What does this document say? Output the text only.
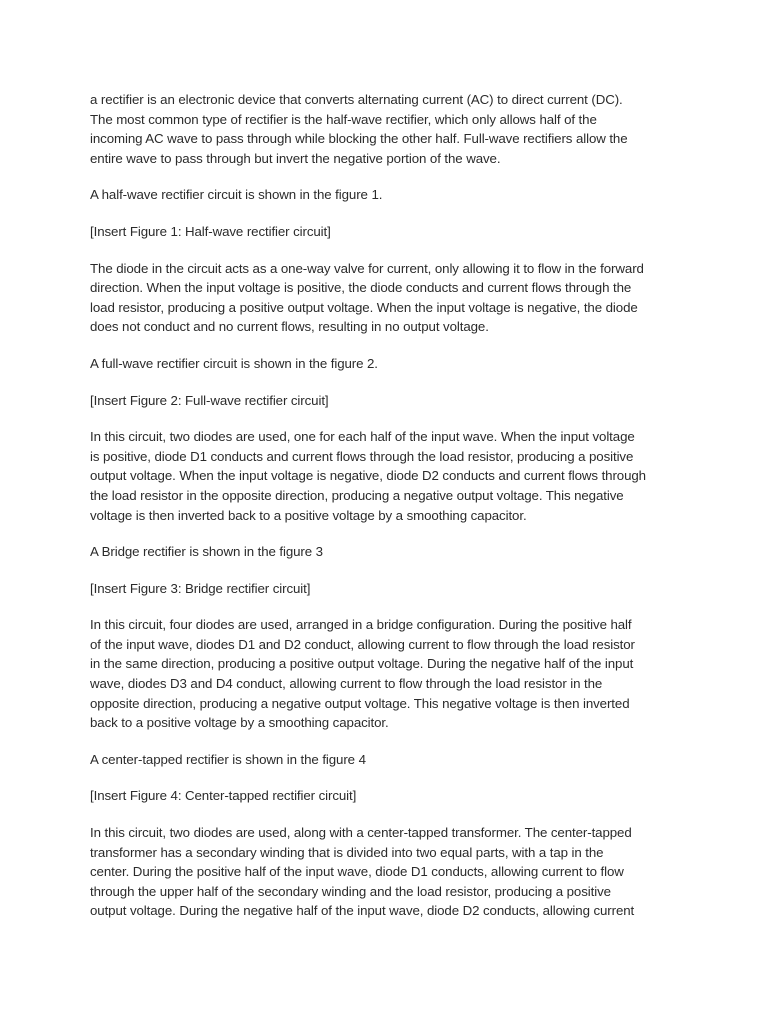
a rectifier is an electronic device that converts alternating current (AC) to direct current (DC).
The most common type of rectifier is the half-wave rectifier, which only allows half of the
incoming AC wave to pass through while blocking the other half. Full-wave rectifiers allow the
entire wave to pass through but invert the negative portion of the wave.
A half-wave rectifier circuit is shown in the figure 1.
[Insert Figure 1: Half-wave rectifier circuit]
The diode in the circuit acts as a one-way valve for current, only allowing it to flow in the forward
direction. When the input voltage is positive, the diode conducts and current flows through the
load resistor, producing a positive output voltage. When the input voltage is negative, the diode
does not conduct and no current flows, resulting in no output voltage.
A full-wave rectifier circuit is shown in the figure 2.
[Insert Figure 2: Full-wave rectifier circuit]
In this circuit, two diodes are used, one for each half of the input wave. When the input voltage
is positive, diode D1 conducts and current flows through the load resistor, producing a positive
output voltage. When the input voltage is negative, diode D2 conducts and current flows through
the load resistor in the opposite direction, producing a negative output voltage. This negative
voltage is then inverted back to a positive voltage by a smoothing capacitor.
A Bridge rectifier is shown in the figure 3
[Insert Figure 3: Bridge rectifier circuit]
In this circuit, four diodes are used, arranged in a bridge configuration. During the positive half
of the input wave, diodes D1 and D2 conduct, allowing current to flow through the load resistor
in the same direction, producing a positive output voltage. During the negative half of the input
wave, diodes D3 and D4 conduct, allowing current to flow through the load resistor in the
opposite direction, producing a negative output voltage. This negative voltage is then inverted
back to a positive voltage by a smoothing capacitor.
A center-tapped rectifier is shown in the figure 4
[Insert Figure 4: Center-tapped rectifier circuit]
In this circuit, two diodes are used, along with a center-tapped transformer. The center-tapped
transformer has a secondary winding that is divided into two equal parts, with a tap in the
center. During the positive half of the input wave, diode D1 conducts, allowing current to flow
through the upper half of the secondary winding and the load resistor, producing a positive
output voltage. During the negative half of the input wave, diode D2 conducts, allowing current
